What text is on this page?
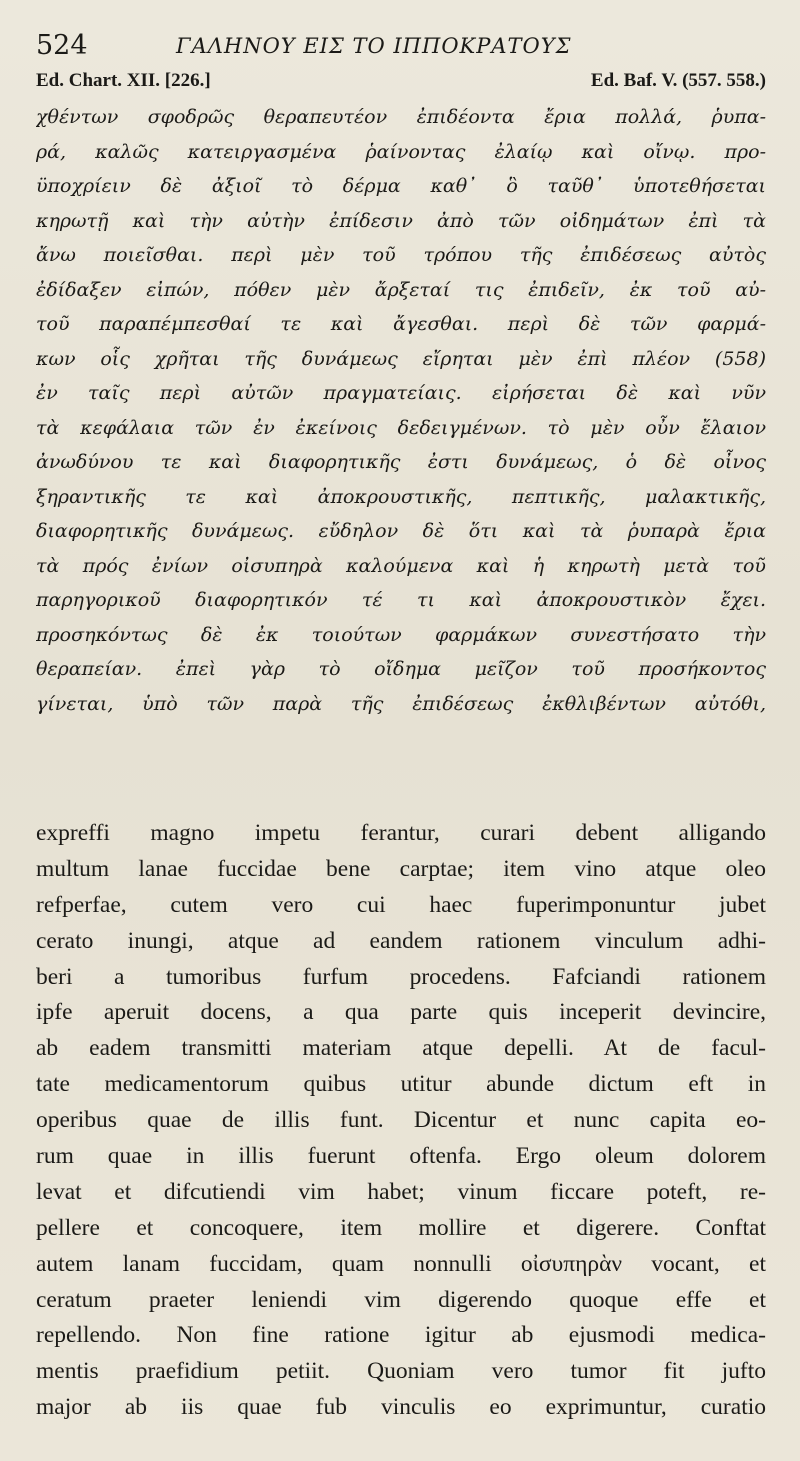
524	ΓΑΛΗΝΟΥ ΕΙΣ ΤΟ ΙΠΠΟΚΡΑΤΟΥΣ
Ed. Chart. XII. [226.]	Ed. Baf. V. (557. 558.)
χθέντων σφοδρῶς θεραπευτέον ἐπιδέοντα ἔρια πολλά, ῥυπα-
ρά, καλῶς κατειργασμένα ῥαίνοντας ἐλαίῳ καὶ οἴνῳ. προ-
ϋποχρίειν δὲ ἀξιοῖ τὸ δέρμα καθ᾽ ὃ ταῦθ᾽ ὑποτεθήσεται
κηρωτῇ καὶ τὴν αὐτὴν ἐπίδεσιν ἀπὸ τῶν οἰδημάτων ἐπὶ τὰ
ἄνω ποιεῖσθαι. περὶ μὲν τοῦ τρόπου τῆς ἐπιδέσεως αὐτὸς
ἐδίδαξεν εἰπών, πόθεν μὲν ἄρξεταί τις ἐπιδεῖν, ἐκ τοῦ αὐ-
τοῦ παραπέμπεσθαί τε καὶ ἄγεσθαι. περὶ δὲ τῶν φαρμά-
κων οἷς χρῆται τῆς δυνάμεως εἴρηται μὲν ἐπὶ πλέον (558)
ἐν ταῖς περὶ αὐτῶν πραγματείαις. εἰρήσεται δὲ καὶ νῦν
τὰ κεφάλαια τῶν ἐν ἐκείνοις δεδειγμένων. τὸ μὲν οὖν ἔλαιον
ἀνωδύνου τε καὶ διαφορητικῆς ἐστι δυνάμεως, ὁ δὲ οἶνος
ξηραντικῆς τε καὶ ἀποκρουστικῆς, πεπτικῆς, μαλακτικῆς,
διαφορητικῆς δυνάμεως. εὔδηλον δὲ ὅτι καὶ τὰ ῥυπαρὰ ἔρια
τὰ πρός ἐνίων οἰσυπηρὰ καλούμενα καὶ ἡ κηρωτὴ μετὰ τοῦ
παρηγορικοῦ διαφορητικόν τέ τι καὶ ἀποκρουστικὸν ἔχει.
προσηκόντως δὲ ἐκ τοιούτων φαρμάκων συνεστήσατο τὴν
θεραπείαν. ἐπεὶ γὰρ τὸ οἴδημα μεῖζον τοῦ προσήκοντος
γίνεται, ὑπὸ τῶν παρὰ τῆς ἐπιδέσεως ἐκθλιβέντων αὐτόθι,
expreffi magno impetu ferantur, curari debent alligando
multum lanae fuccidae bene carptae; item vino atque oleo
refperfae, cutem vero cui haec fuperimponuntur jubet
cerato inungi, atque ad eandem rationem vinculum adhi-
beri a tumoribus furfum procedens. Fafciandi rationem
ipfe aperuit docens, a qua parte quis inceperit devincire,
ab eadem transmitti materiam atque depelli. At de facul-
tate medicamentorum quibus utitur abunde dictum eft in
operibus quae de illis funt. Dicentur et nunc capita eo-
rum quae in illis fuerunt oftenfa. Ergo oleum dolorem
levat et difcutiendi vim habet; vinum ficcare poteft, re-
pellere et concoquere, item mollire et digerere. Conftat
autem lanam fuccidam, quam nonnulli οἰσυπηρὰν vocant, et
ceratum praeter leniendi vim digerendo quoque effe et
repellendo. Non fine ratione igitur ab ejusmodi medica-
mentis praefidium petiit. Quoniam vero tumor fit jufto
major ab iis quae fub vinculis eo exprimuntur, curatio
